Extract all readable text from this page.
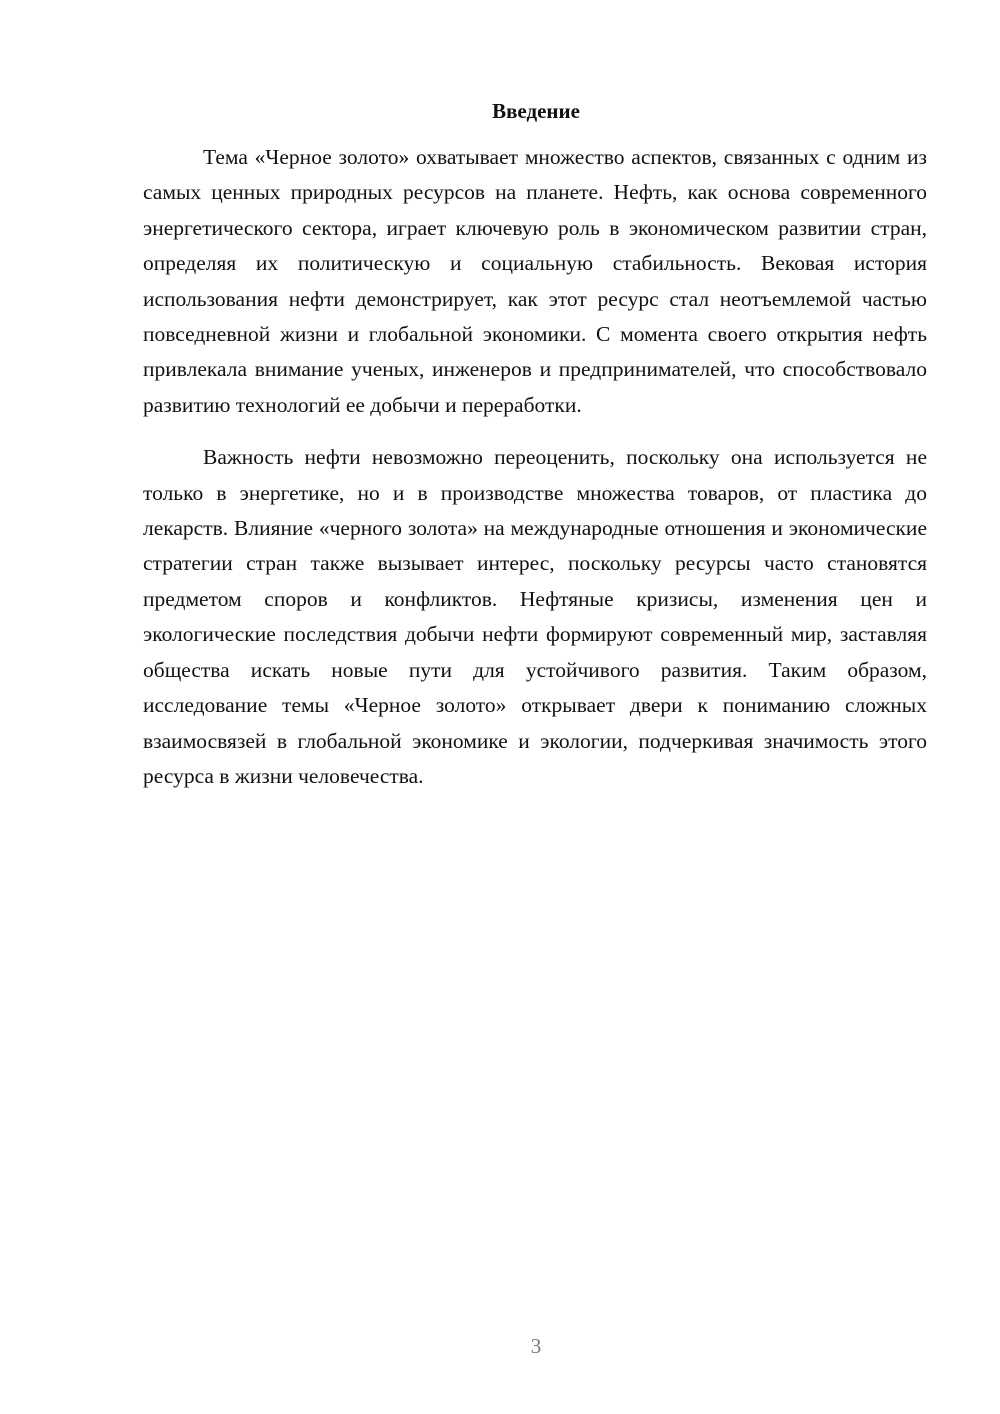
Введение

Тема «Черное золото» охватывает множество аспектов, связанных с одним из самых ценных природных ресурсов на планете. Нефть, как основа современного энергетического сектора, играет ключевую роль в экономическом развитии стран, определяя их политическую и социальную стабильность. Вековая история использования нефти демонстрирует, как этот ресурс стал неотъемлемой частью повседневной жизни и глобальной экономики. С момента своего открытия нефть привлекала внимание ученых, инженеров и предпринимателей, что способствовало развитию технологий ее добычи и переработки.

Важность нефти невозможно переоценить, поскольку она используется не только в энергетике, но и в производстве множества товаров, от пластика до лекарств. Влияние «черного золота» на международные отношения и экономические стратегии стран также вызывает интерес, поскольку ресурсы часто становятся предметом споров и конфликтов. Нефтяные кризисы, изменения цен и экологические последствия добычи нефти формируют современный мир, заставляя общества искать новые пути для устойчивого развития. Таким образом, исследование темы «Черное золото» открывает двери к пониманию сложных взаимосвязей в глобальной экономике и экологии, подчеркивая значимость этого ресурса в жизни человечества.

3
